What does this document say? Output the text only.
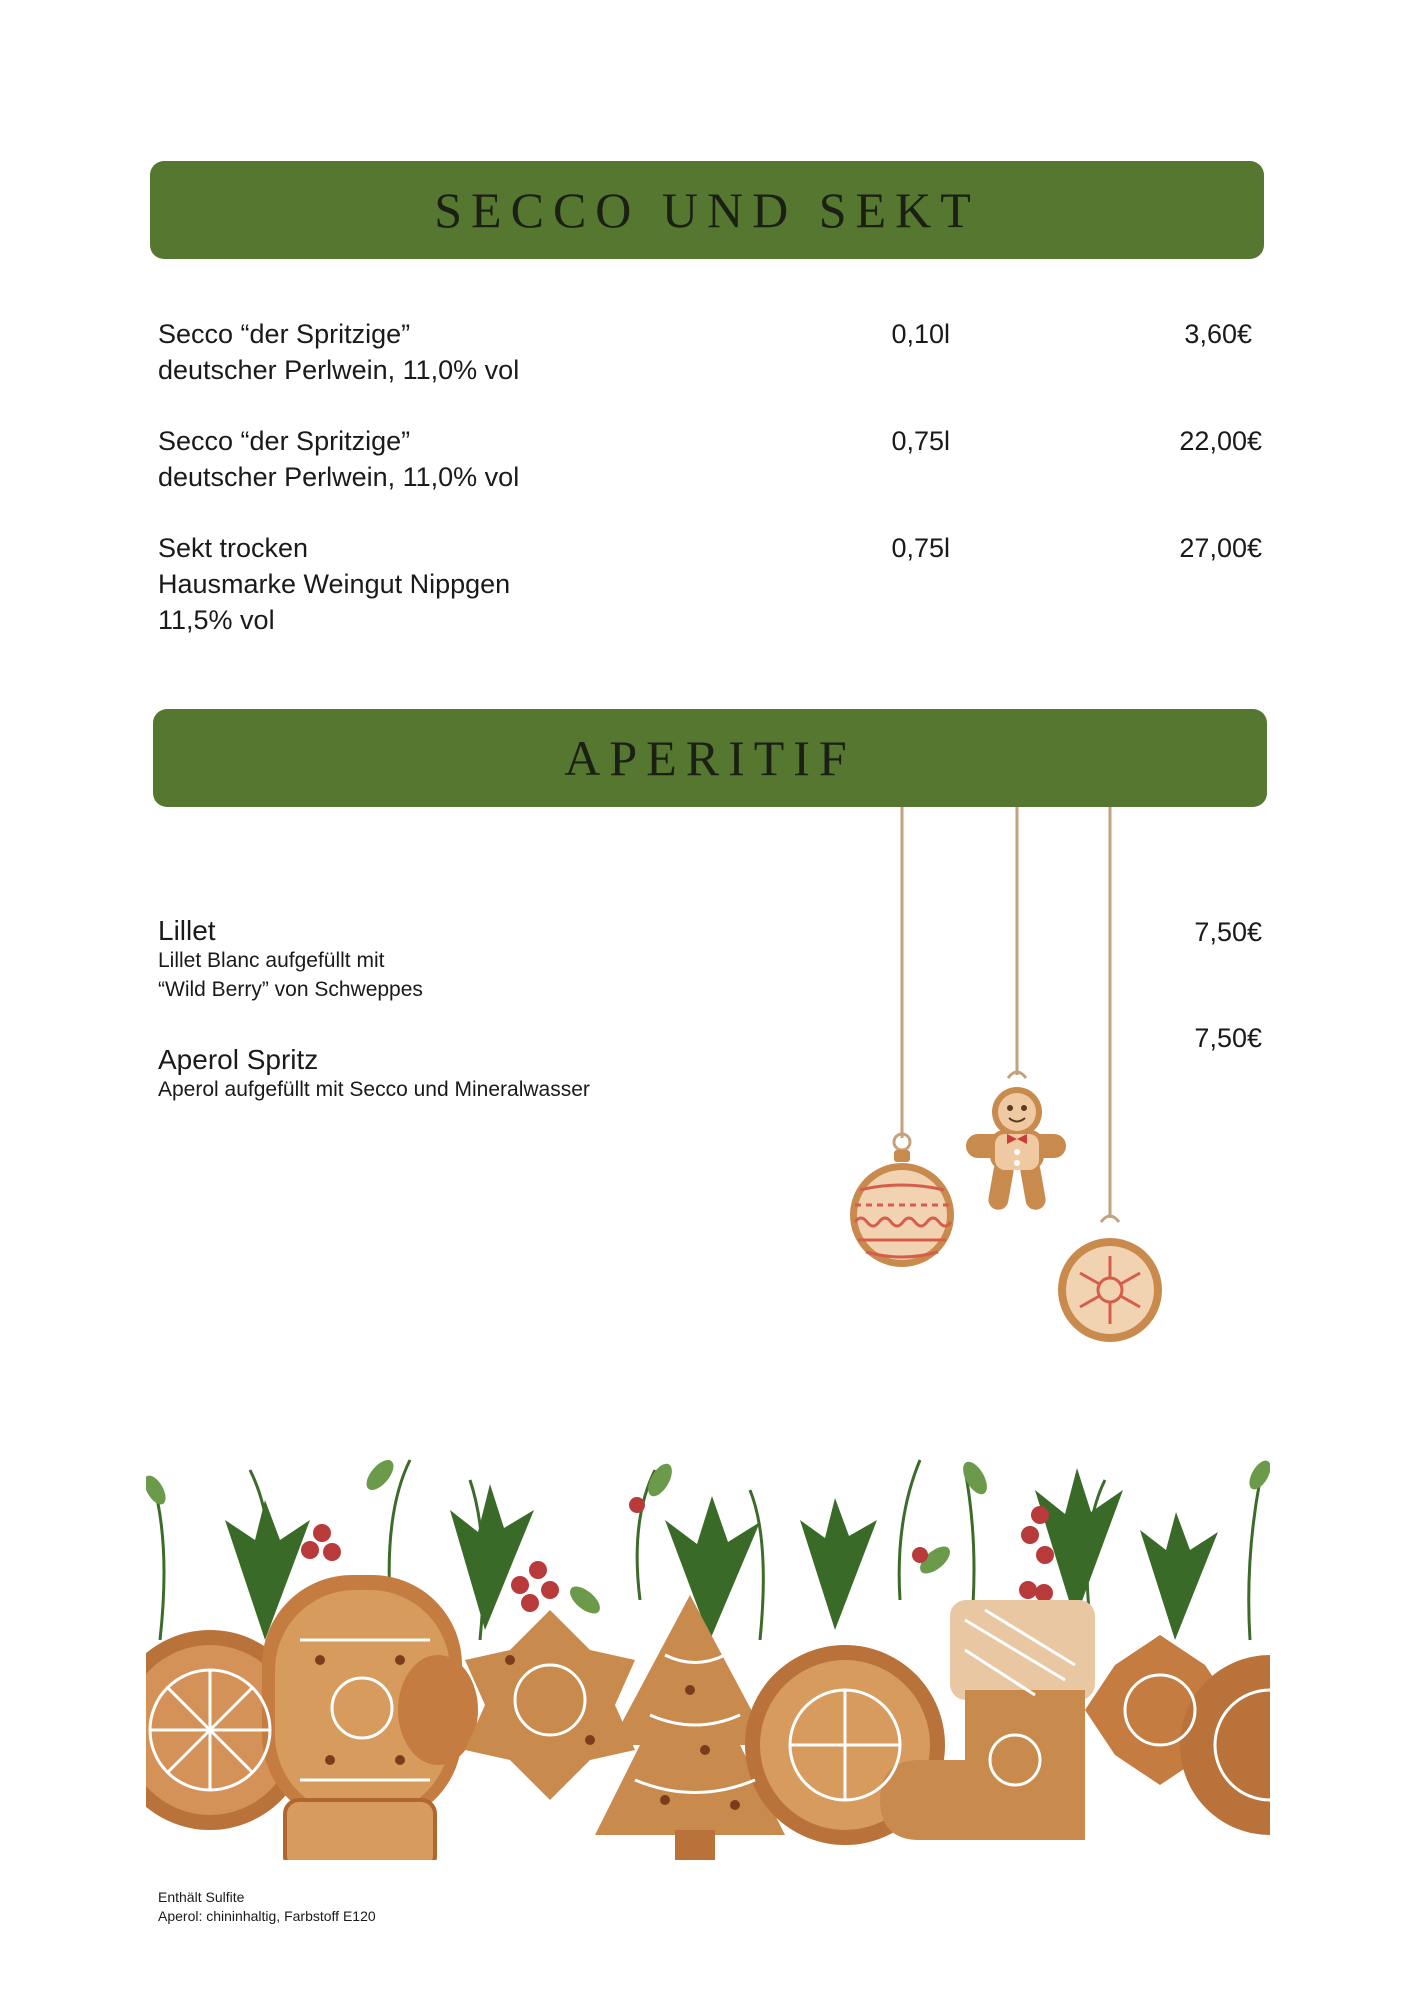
SECCO UND SEKT
Secco “der Spritzige”
deutscher Perlwein, 11,0% vol
0,10l	3,60€
Secco “der Spritzige”
deutscher Perlwein, 11,0% vol
0,75l	22,00€
Sekt trocken
Hausmarke Weingut Nippgen
11,5% vol
0,75l	27,00€
APERITIF
Lillet
Lillet Blanc aufgefüllt mit
“Wild Berry” von Schweppes
7,50€
Aperol Spritz
Aperol aufgefüllt mit Secco und Mineralwasser
7,50€
Enthält Sulfite
Aperol: chininhaltig, Farbstoff E120
